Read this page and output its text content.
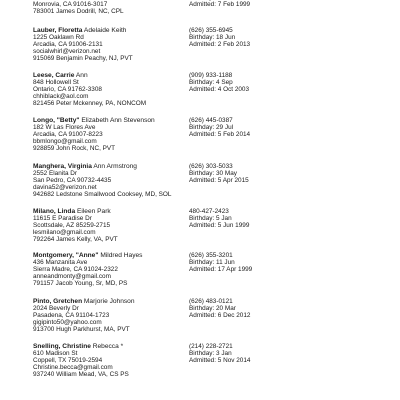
Monrovia, CA 91016-3017
783001 James Dodrill, NC, CPL
Admitted: 7 Feb 1999
Lauber, Floretta Adelaide Keith
1225 Oaklawn Rd
Arcadia, CA 91006-2131
socialwhirl@verizon.net
915069 Benjamin Peachy, NJ, PVT
(626) 355-6945
Birthday: 18 Jun
Admitted: 2 Feb 2013
Leese, Carrie Ann
848 Hollowell St
Ontario, CA 91762-3308
chhiblack@aol.com
821456 Peter Mckenney, PA, NONCOM
(909) 933-1188
Birthday: 4 Sep
Admitted: 4 Oct 2003
Longo, "Betty" Elizabeth Ann Stevenson
182 W Las Flores Ave
Arcadia, CA 91007-8223
bbmlongo@gmail.com
928859 John Rock, NC, PVT
(626) 445-0387
Birthday: 29 Jul
Admitted: 5 Feb 2014
Manghera, Virginia Ann Armstrong
2552 Elanita Dr
San Pedro, CA 90732-4435
davina52@verizon.net
942682 Ledstone Smallwood Cooksey, MD, SOL
(626) 303-5033
Birthday: 30 May
Admitted: 5 Apr 2015
Milano, Linda Eileen Park
11615 E Paradise Dr
Scottsdale, AZ 85259-2715
lesmilano@gmail.com
792264 James Kelly, VA, PVT
480-427-2423
Birthday: 5 Jan
Admitted: 5 Jun 1999
Montgomery, "Anne" Mildred Hayes
436 Manzanita Ave
Sierra Madre, CA 91024-2322
anneandmonty@gmail.com
791157 Jacob Young, Sr, MD, PS
(626) 355-3201
Birthday: 11 Jun
Admitted: 17 Apr 1999
Pinto, Gretchen Marjorie Johnson
2024 Beverly Dr
Pasadena, CA 91104-1723
gigipinto50@yahoo.com
913700 Hugh Parkhurst, MA, PVT
(626) 483-0121
Birthday: 20 Mar
Admitted: 6 Dec 2012
Snelling, Christine Rebecca *
610 Madison St
Coppell, TX 75019-2594
Christine.becca@gmail.com
937240 William Mead, VA, CS PS
(214) 228-2721
Birthday: 3 Jan
Admitted: 5 Nov 2014
